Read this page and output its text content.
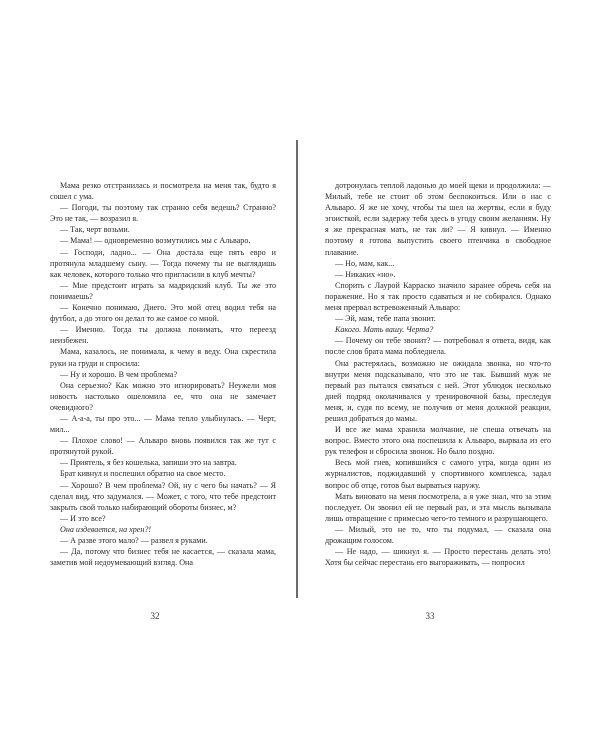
Мама резко отстранилась и посмотрела на меня так, будто я сошел с ума.

— Погоди, ты поэтому так странно себя ведешь? Странно? Это не так, — возразил я.

— Так, черт возьми.

— Мама! — одновременно возмутились мы с Альваро.

— Господи, ладно... — Она достала еще пять евро и протянула младшему сыну. — Тогда почему ты не выглядишь как человек, которого только что пригласили в клуб мечты?

— Мне предстоит играть за мадридский клуб. Ты же это понимаешь?

— Конечно понимаю, Диего. Это мой отец водил тебя на футбол, а до этого он делал то же самое со мной.

— Именно. Тогда ты должна понимать, что переезд неизбежен.

Мама, казалось, не понимала, к чему я веду. Она скрестила руки на груди и спросила:

— Ну и хорошо. В чем проблема?

Она серьезно? Как можно это игнорировать? Неужели моя новость настолько ошеломила ее, что она не замечает очевидного?

— А-а-а, ты про это... — Мама тепло улыбнулась. — Черт, мил...

— Плохое слово! — Альваро вновь появился так же тут с протянутой рукой.

— Приятель, я без кошелька, запиши это на завтра.

Брат кивнул и поспешил обратно на свое место.

— Хорошо? В чем проблема? Ой, ну с чего бы начать? — Я сделал вид, что задумался. — Может, с того, что тебе предстоит закрыть свой только набирающий обороты бизнес, м?

— И это все?

Она издевается, на хрен?!

— А разве этого мало? — развел я руками.

— Да, потому что бизнес тебя не касается, — сказала мама, заметив мой недоумевающий взгляд. Она

32

дотронулась теплой ладонью до моей щеки и продолжила: — Милый, тебе не стоит об этом беспокоиться. Или о нас с Альваро. Я же не хочу, чтобы ты шел на жертвы, если я буду эгоисткой, если задержу тебя здесь в угоду своим желаниям. Ну я же прекрасная мать, не так ли? — Я кивнул. — Именно поэтому я готова выпустить своего птенчика в свободное плавание.

— Но, мам, как...

— Никаких «но».

Спорить с Лаурой Карраско значило заранее обречь себя на поражение. Но я так просто сдаваться и не собирался. Однако меня прервал встревоженный Альваро:

— Эй, мам, тебе папа звонит.

Какого. Мать вашу. Черта?

— Почему он тебе звонит? — потребовал я ответа, видя, как после слов брата мама побледнела.

Она растерялась, возможно не ожидала звонка, но что-то внутри меня подсказывало, что это не так. Бывший муж не первый раз пытался связаться с ней. Этот ублюдок несколько дней подряд околачивался у тренировочной базы, преследуя меня, и, судя по всему, не получив от меня должной реакции, решил добраться до мамы.

И все же мама хранила молчание, не спеша отвечать на вопрос. Вместо этого она поспешила к Альваро, вырвала из его рук телефон и сбросила звонок. Но было поздно.

Весь мой гнев, копившийся с самого утра, когда один из журналистов, поджидавший у спортивного комплекса, задал вопрос об отце, готов был вырваться наружу.

Мать виновато на меня посмотрела, а я уже знал, что за этим последует. Он звонил ей не первый раз, и эта мысль вызывала лишь отвращение с примесью чего-то темного и разрушающего.

— Милый, это не то, что ты подумал, — сказала она дрожащим голосом.

— Не надо, — шикнул я. — Просто перестань делать это! Хотя бы сейчас перестань его выгораживать, — попросил

33
